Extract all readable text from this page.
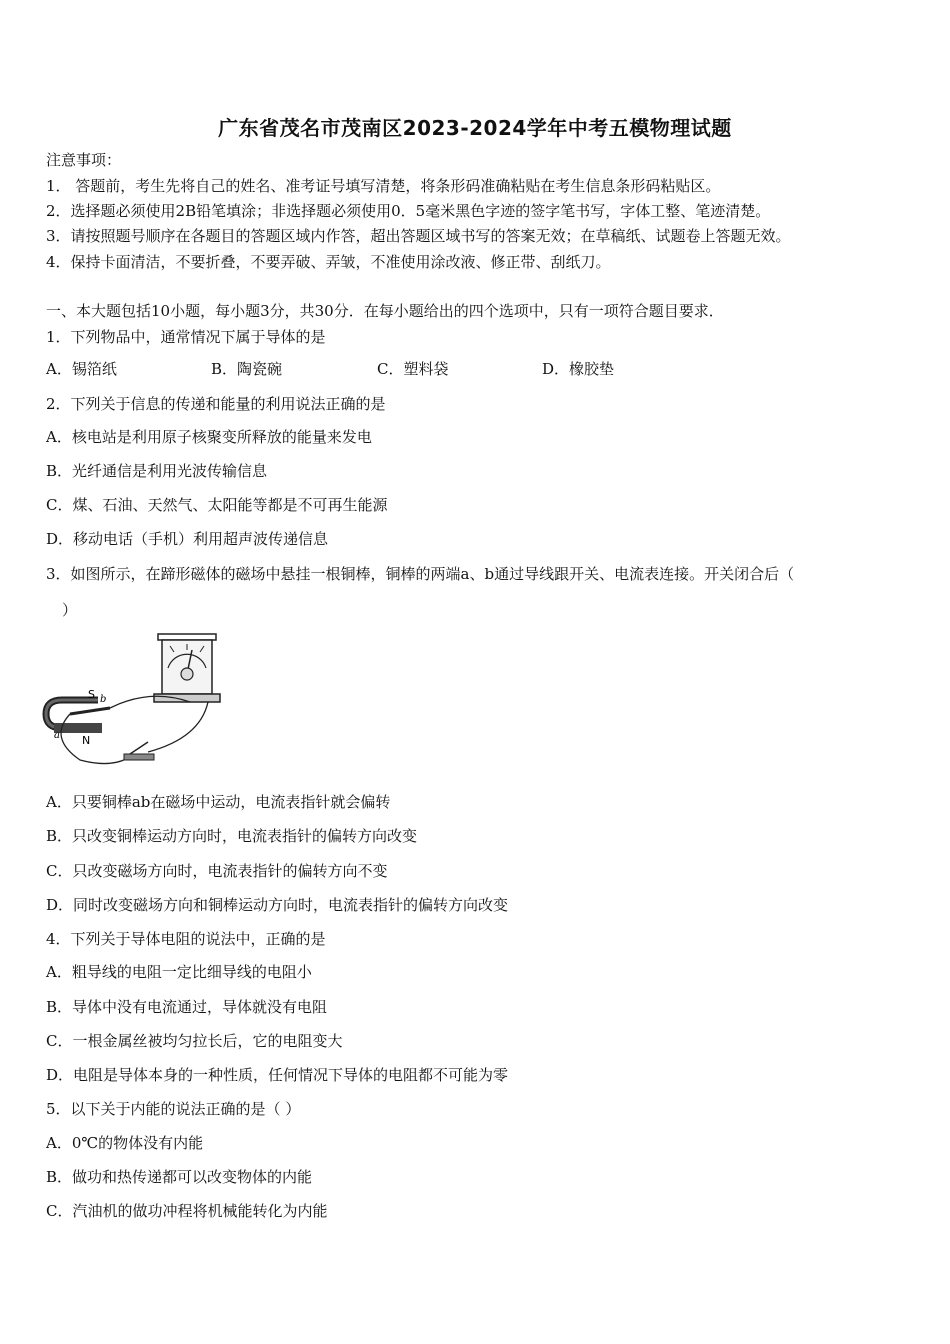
广东省茂名市茂南区2023-2024学年中考五模物理试题
注意事项：
1． 答题前，考生先将自己的姓名、准考证号填写清楚，将条形码准确粘贴在考生信息条形码粘贴区。
2．选择题必须使用2B铅笔填涂；非选择题必须使用0．5毫米黑色字迹的签字笔书写，字体工整、笔迹清楚。
3．请按照题号顺序在各题目的答题区域内作答，超出答题区域书写的答案无效；在草稿纸、试题卷上答题无效。
4．保持卡面清洁，不要折叠，不要弄破、弄皱，不准使用涂改液、修正带、刮纸刀。
一、本大题包括10小题，每小题3分，共30分．在每小题给出的四个选项中，只有一项符合题目要求．
1．下列物品中，通常情况下属于导体的是
A．锡箔纸	B．陶瓷碗	C．塑料袋	D．橡胶垫
2．下列关于信息的传递和能量的利用说法正确的是
A．核电站是利用原子核聚变所释放的能量来发电
B．光纤通信是利用光波传输信息
C．煤、石油、天然气、太阳能等都是不可再生能源
D．移动电话（手机）利用超声波传递信息
3．如图所示，在蹄形磁体的磁场中悬挂一根铜棒，铜棒的两端a、b通过导线跟开关、电流表连接。开关闭合后（
）
S
N
a
b
A．只要铜棒ab在磁场中运动，电流表指针就会偏转
B．只改变铜棒运动方向时，电流表指针的偏转方向改变
C．只改变磁场方向时，电流表指针的偏转方向不变
D．同时改变磁场方向和铜棒运动方向时，电流表指针的偏转方向改变
4．下列关于导体电阻的说法中，正确的是
A．粗导线的电阻一定比细导线的电阻小
B．导体中没有电流通过，导体就没有电阻
C．一根金属丝被均匀拉长后，它的电阻变大
D．电阻是导体本身的一种性质，任何情况下导体的电阻都不可能为零
5．以下关于内能的说法正确的是（ ）
A．0℃的物体没有内能
B．做功和热传递都可以改变物体的内能
C．汽油机的做功冲程将机械能转化为内能
